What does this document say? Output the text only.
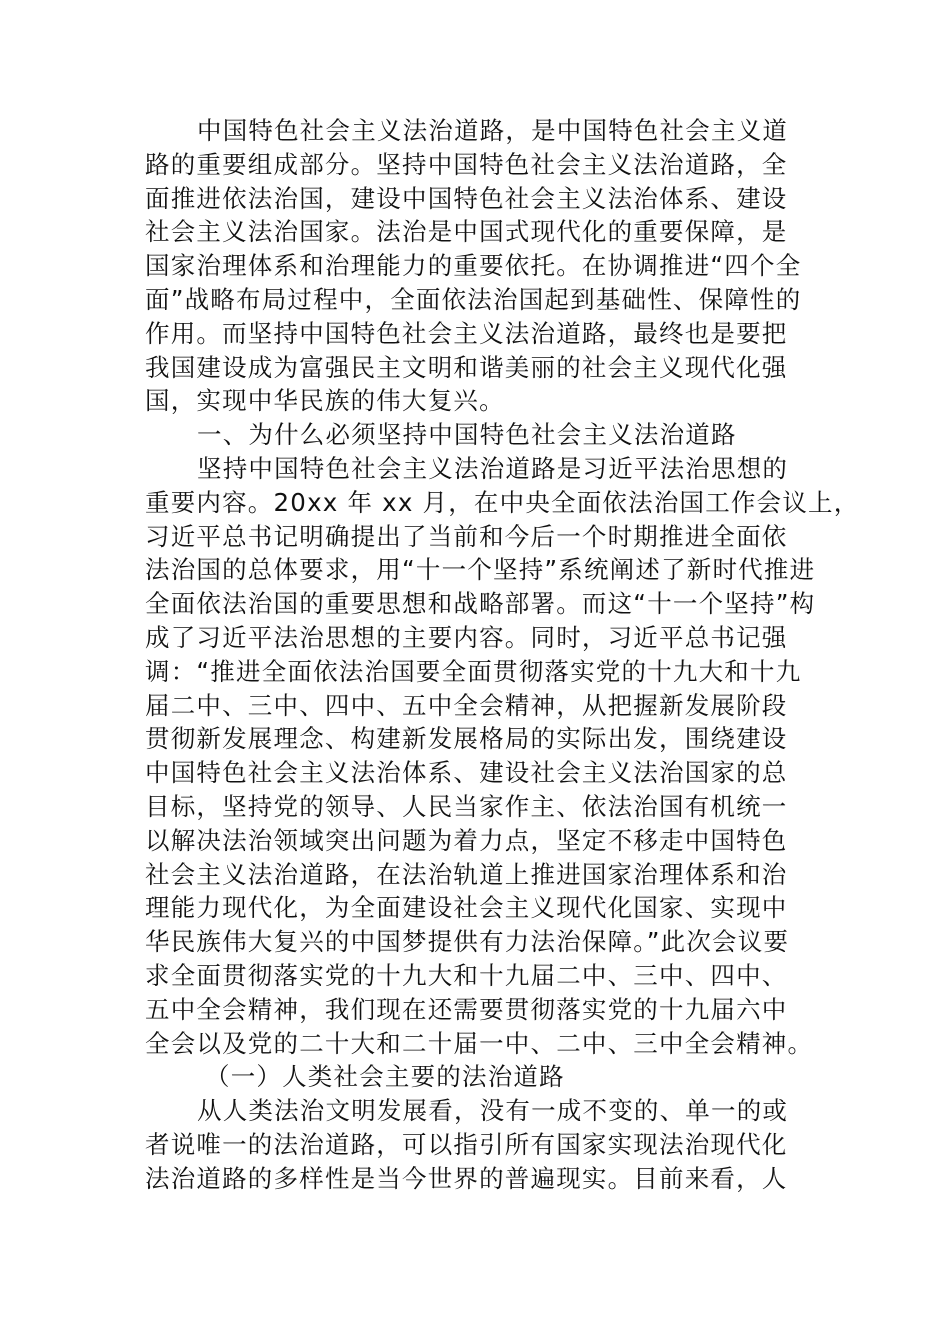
中国特色社会主义法治道路，是中国特色社会主义道
路的重要组成部分。坚持中国特色社会主义法治道路，全
面推进依法治国，建设中国特色社会主义法治体系、建设
社会主义法治国家。法治是中国式现代化的重要保障，是
国家治理体系和治理能力的重要依托。在协调推进“四个全
面”战略布局过程中，全面依法治国起到基础性、保障性的
作用。而坚持中国特色社会主义法治道路，最终也是要把
我国建设成为富强民主文明和谐美丽的社会主义现代化强
国，实现中华民族的伟大复兴。
一、为什么必须坚持中国特色社会主义法治道路
坚持中国特色社会主义法治道路是习近平法治思想的
重要内容。20xx 年 xx 月，在中央全面依法治国工作会议上，
习近平总书记明确提出了当前和今后一个时期推进全面依
法治国的总体要求，用“十一个坚持”系统阐述了新时代推进
全面依法治国的重要思想和战略部署。而这“十一个坚持”构
成了习近平法治思想的主要内容。同时，习近平总书记强
调：“推进全面依法治国要全面贯彻落实党的十九大和十九
届二中、三中、四中、五中全会精神，从把握新发展阶段
贯彻新发展理念、构建新发展格局的实际出发，围绕建设
中国特色社会主义法治体系、建设社会主义法治国家的总
目标，坚持党的领导、人民当家作主、依法治国有机统一
以解决法治领域突出问题为着力点，坚定不移走中国特色
社会主义法治道路，在法治轨道上推进国家治理体系和治
理能力现代化，为全面建设社会主义现代化国家、实现中
华民族伟大复兴的中国梦提供有力法治保障。”此次会议要
求全面贯彻落实党的十九大和十九届二中、三中、四中、
五中全会精神，我们现在还需要贯彻落实党的十九届六中
全会以及党的二十大和二十届一中、二中、三中全会精神。
（一）人类社会主要的法治道路
从人类法治文明发展看，没有一成不变的、单一的或
者说唯一的法治道路，可以指引所有国家实现法治现代化
法治道路的多样性是当今世界的普遍现实。目前来看，人
